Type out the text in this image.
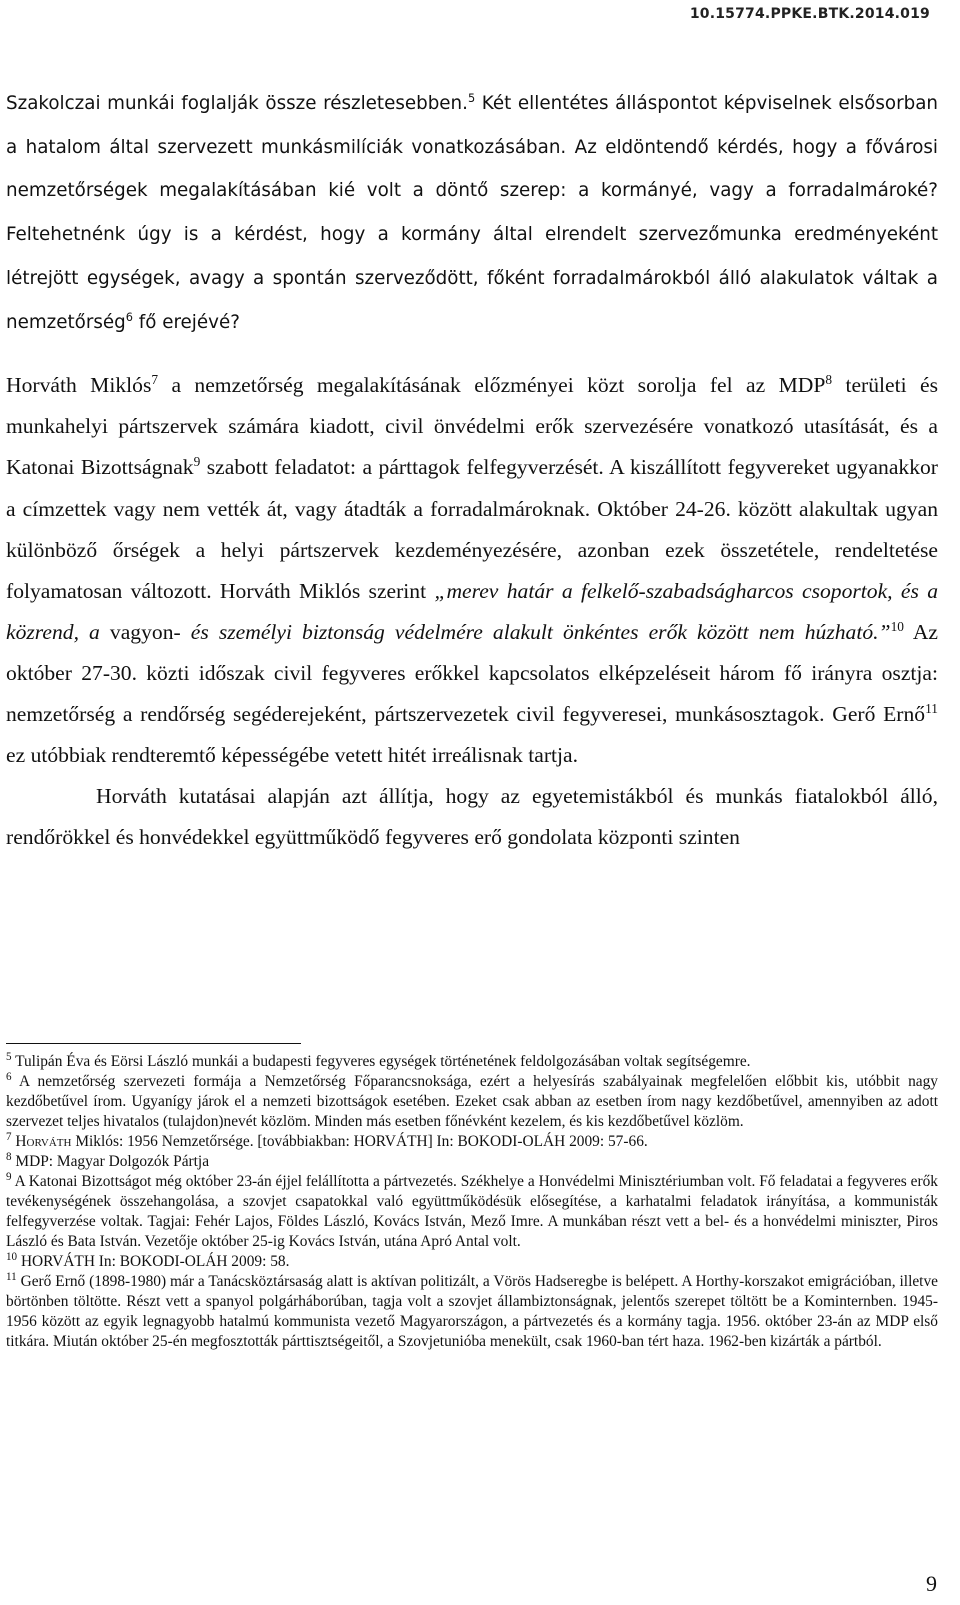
10.15774.PPKE.BTK.2014.019

Szakolczai munkái foglalják össze részletesebben.$^5$ Két ellentétes álláspontot képviselnek elsősorban a hatalom által szervezett munkásmilíciák vonatkozásában. Az eldöntendő kérdés, hogy a fővárosi nemzetőrségek megalakításában kié volt a döntő szerep: a kormányé, vagy a forradalmároké? Feltehetnénk úgy is a kérdést, hogy a kormány által elrendelt szervezőmunka eredményeként létrejött egységek, avagy a spontán szerveződött, főként forradalmárokból álló alakulatok váltak a nemzetőrség$^6$ fő erejévé?

Horváth Miklós$^7$ a nemzetőrség megalakításának előzményei közt sorolja fel az MDP$^8$ területi és munkahelyi pártszervek számára kiadott, civil önvédelmi erők szervezésére vonatkozó utasítását, és a Katonai Bizottságnak$^9$ szabott feladatot: a párttagok felfegyverzését. A kiszállított fegyvereket ugyanakkor a címzettek vagy nem vették át, vagy átadták a forradalmároknak. Október 24-26. között alakultak ugyan különböző őrségek a helyi pártszervek kezdeményezésére, azonban ezek összetétele, rendeltetése folyamatosan változott. Horváth Miklós szerint „merev határ a felkelő-szabadságharcos csoportok, és a közrend, a vagyon- és személyi biztonság védelmére alakult önkéntes erők között nem húzható.”$^{10}$ Az október 27-30. közti időszak civil fegyveres erőkkel kapcsolatos elképzeléseit három fő irányra osztja: nemzetőrség a rendőrség segéderejeként, pártszervezetek civil fegyveresei, munkásosztagok. Gerő Ernő$^{11}$ ez utóbbiak rendteremtő képességébe vetett hitét irreálisnak tartja.

Horváth kutatásai alapján azt állítja, hogy az egyetemistákból és munkás fiatalokból álló, rendőrökkel és honvédekkel együttműködő fegyveres erő gondolata központi szinten

$^5$ Tulipán Éva és Eörsi László munkái a budapesti fegyveres egységek történetének feldolgozásában voltak segítségemre.

$^6$ A nemzetőrség szervezeti formája a Nemzetőrség Főparancsnoksága, ezért a helyesírás szabályainak megfelelően előbbit kis, utóbbit nagy kezdőbetűvel írom. Ugyanígy járok el a nemzeti bizottságok esetében. Ezeket csak abban az esetben írom nagy kezdőbetűvel, amennyiben az adott szervezet teljes hivatalos (tulajdon)nevét közlöm. Minden más esetben főnévként kezelem, és kis kezdőbetűvel közlöm.

$^7$ Horváth Miklós: 1956 Nemzetőrsége. [továbbiakban: HORVÁTH] In: BOKODI-OLÁH 2009: 57-66.

$^8$ MDP: Magyar Dolgozók Pártja

$^9$ A Katonai Bizottságot még október 23-án éjjel felállította a pártvezetés. Székhelye a Honvédelmi Minisztériumban volt. Fő feladatai a fegyveres erők tevékenységének összehangolása, a szovjet csapatokkal való együttműködésük elősegítése, a karhatalmi feladatok irányítása, a kommunisták felfegyverzése voltak. Tagjai: Fehér Lajos, Földes László, Kovács István, Mező Imre. A munkában részt vett a bel- és a honvédelmi miniszter, Piros László és Bata István. Vezetője október 25-ig Kovács István, utána Apró Antal volt.

$^{10}$ HORVÁTH In: BOKODI-OLÁH 2009: 58.

$^{11}$ Gerő Ernő (1898-1980) már a Tanácsköztársaság alatt is aktívan politizált, a Vörös Hadseregbe is belépett. A Horthy-korszakot emigrációban, illetve börtönben töltötte. Részt vett a spanyol polgárháborúban, tagja volt a szovjet állambiztonságnak, jelentős szerepet töltött be a Kominternben. 1945-1956 között az egyik legnagyobb hatalmú kommunista vezető Magyarországon, a pártvezetés és a kormány tagja. 1956. október 23-án az MDP első titkára. Miután október 25-én megfosztották párttisztségeitől, a Szovjetunióba menekült, csak 1960-ban tért haza. 1962-ben kizárták a pártból.

9
